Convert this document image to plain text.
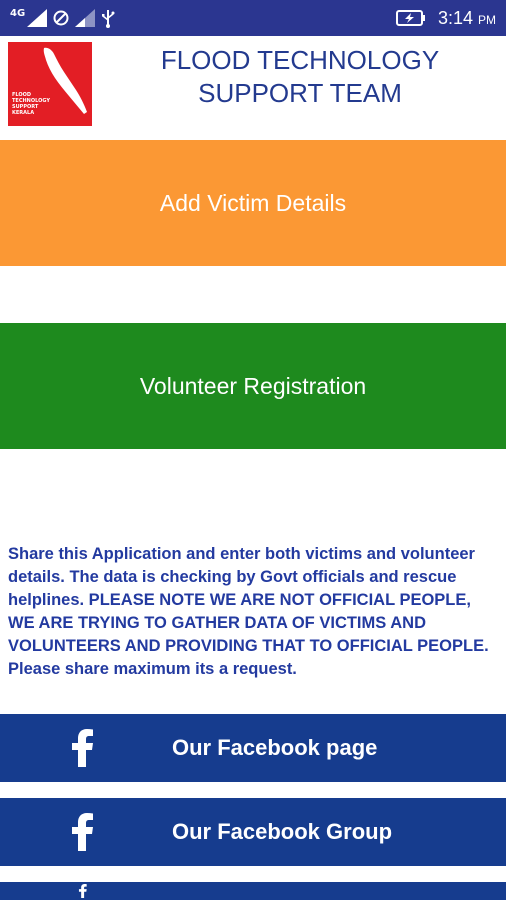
4G	3:14 PM
FLOOD
TECHNOLOGY
SUPPORT
KERALA
FLOOD TECHNOLOGY SUPPORT TEAM
Add Victim Details
Volunteer Registration
Share this Application and enter both victims and volunteer details. The data is checking by Govt officials and rescue helplines. PLEASE NOTE WE ARE NOT OFFICIAL PEOPLE, WE ARE TRYING TO GATHER DATA OF VICTIMS AND VOLUNTEERS AND PROVIDING THAT TO OFFICIAL PEOPLE. Please share maximum its a request.
Our Facebook page
Our Facebook Group
